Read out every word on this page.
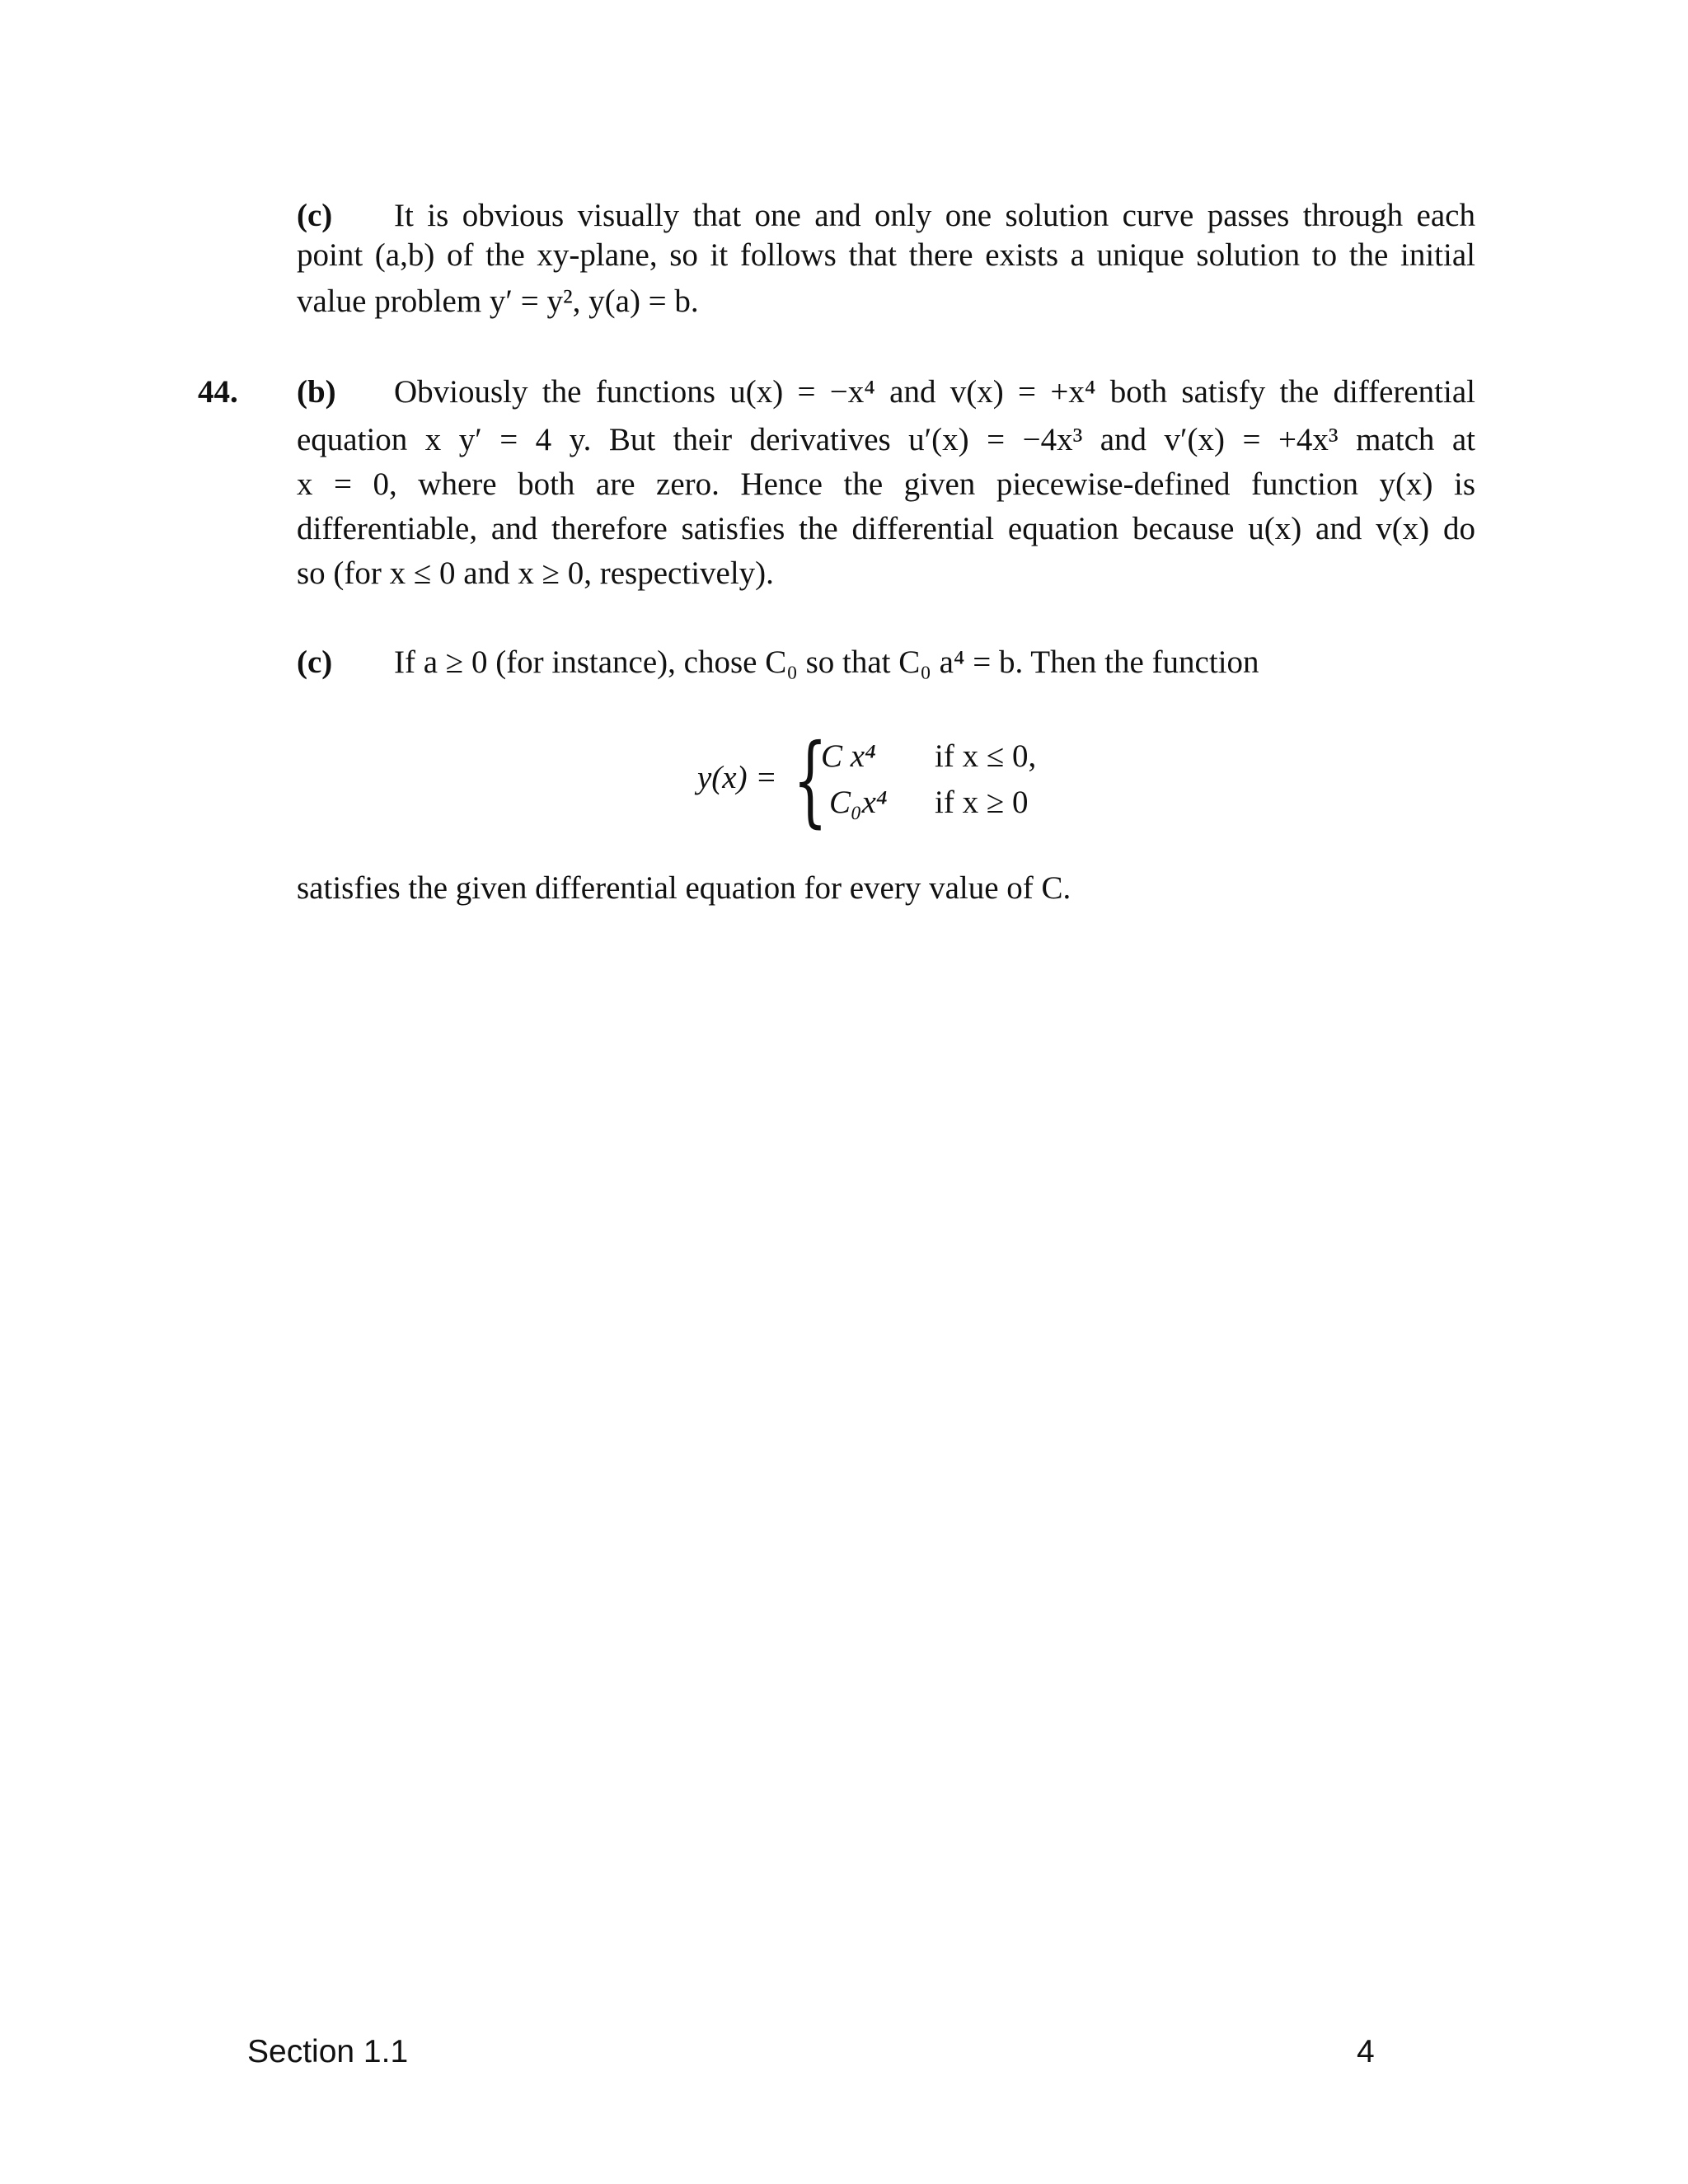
(c) It is obvious visually that one and only one solution curve passes through each
point (a,b) of the xy-plane, so it follows that there exists a unique solution to the initial
value problem y′ = y², y(a) = b.
44. (b) Obviously the functions u(x) = −x⁴ and v(x) = +x⁴ both satisfy the differential
equation x y′ = 4 y. But their derivatives u′(x) = −4x³ and v′(x) = +4x³ match at
x = 0, where both are zero. Hence the given piecewise-defined function y(x) is
differentiable, and therefore satisfies the differential equation because u(x) and v(x) do
so (for x ≤ 0 and x ≥ 0, respectively).
(c) If a ≥ 0 (for instance), chose C₀ so that C₀ a⁴ = b. Then the function
y(x) = {
C x⁴ if x ≤ 0,
C₀x⁴ if x ≥ 0
satisfies the given differential equation for every value of C.
Section 1.1	4
